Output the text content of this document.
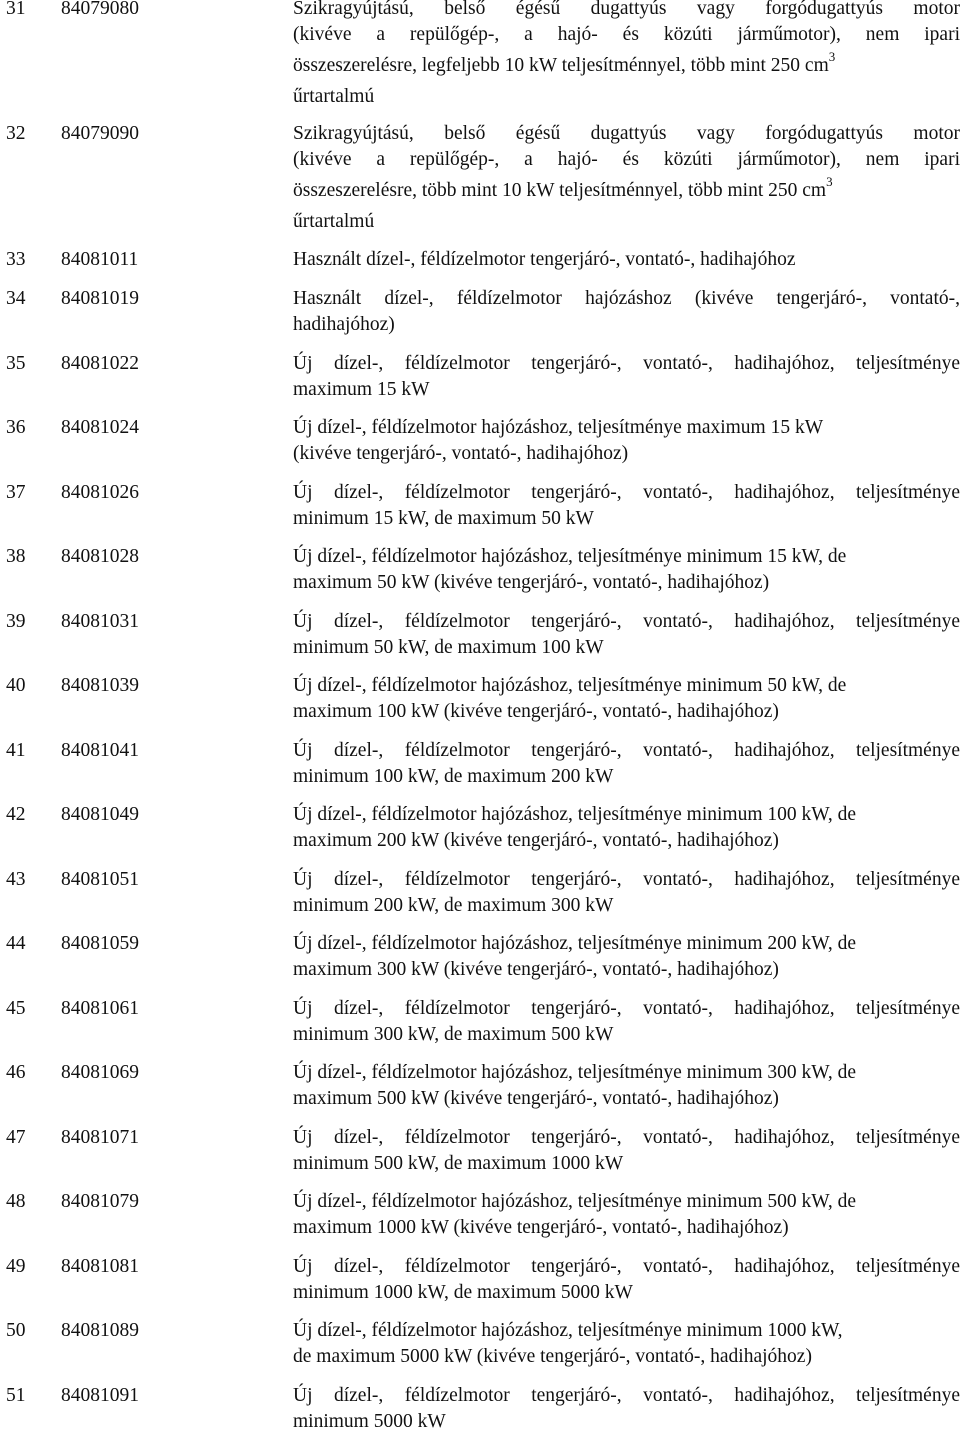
31	84079080	Szikragyújtású, belső égésű dugattyús vagy forgódugattyús motor
(kivéve a repülőgép-, a hajó- és közúti járműmotor), nem ipari
összeszerelésre, legfeljebb 10 kW teljesítménnyel, több mint 250 $cm^3$
űrtartalmú
32	84079090	Szikragyújtású, belső égésű dugattyús vagy forgódugattyús motor
(kivéve a repülőgép-, a hajó- és közúti járműmotor), nem ipari
összeszerelésre, több mint 10 kW teljesítménnyel, több mint 250 $cm^3$
űrtartalmú
33	84081011	Használt dízel-, féldízelmotor tengerjáró-, vontató-, hadihajóhoz
34	84081019	Használt dízel-, féldízelmotor hajózáshoz (kivéve tengerjáró-, vontató-,
hadihajóhoz)
35	84081022	Új dízel-, féldízelmotor tengerjáró-, vontató-, hadihajóhoz, teljesítménye
maximum 15 kW
36	84081024	Új dízel-, féldízelmotor hajózáshoz, teljesítménye maximum 15 kW
(kivéve tengerjáró-, vontató-, hadihajóhoz)
37	84081026	Új dízel-, féldízelmotor tengerjáró-, vontató-, hadihajóhoz, teljesítménye
minimum 15 kW, de maximum 50 kW
38	84081028	Új dízel-, féldízelmotor hajózáshoz, teljesítménye minimum 15 kW, de
maximum 50 kW (kivéve tengerjáró-, vontató-, hadihajóhoz)
39	84081031	Új dízel-, féldízelmotor tengerjáró-, vontató-, hadihajóhoz, teljesítménye
minimum 50 kW, de maximum 100 kW
40	84081039	Új dízel-, féldízelmotor hajózáshoz, teljesítménye minimum 50 kW, de
maximum 100 kW (kivéve tengerjáró-, vontató-, hadihajóhoz)
41	84081041	Új dízel-, féldízelmotor tengerjáró-, vontató-, hadihajóhoz, teljesítménye
minimum 100 kW, de maximum 200 kW
42	84081049	Új dízel-, féldízelmotor hajózáshoz, teljesítménye minimum 100 kW, de
maximum 200 kW (kivéve tengerjáró-, vontató-, hadihajóhoz)
43	84081051	Új dízel-, féldízelmotor tengerjáró-, vontató-, hadihajóhoz, teljesítménye
minimum 200 kW, de maximum 300 kW
44	84081059	Új dízel-, féldízelmotor hajózáshoz, teljesítménye minimum 200 kW, de
maximum 300 kW (kivéve tengerjáró-, vontató-, hadihajóhoz)
45	84081061	Új dízel-, féldízelmotor tengerjáró-, vontató-, hadihajóhoz, teljesítménye
minimum 300 kW, de maximum 500 kW
46	84081069	Új dízel-, féldízelmotor hajózáshoz, teljesítménye minimum 300 kW, de
maximum 500 kW (kivéve tengerjáró-, vontató-, hadihajóhoz)
47	84081071	Új dízel-, féldízelmotor tengerjáró-, vontató-, hadihajóhoz, teljesítménye
minimum 500 kW, de maximum 1000 kW
48	84081079	Új dízel-, féldízelmotor hajózáshoz, teljesítménye minimum 500 kW, de
maximum 1000 kW (kivéve tengerjáró-, vontató-, hadihajóhoz)
49	84081081	Új dízel-, féldízelmotor tengerjáró-, vontató-, hadihajóhoz, teljesítménye
minimum 1000 kW, de maximum 5000 kW
50	84081089	Új dízel-, féldízelmotor hajózáshoz, teljesítménye minimum 1000 kW,
de maximum 5000 kW (kivéve tengerjáró-, vontató-, hadihajóhoz)
51	84081091	Új dízel-, féldízelmotor tengerjáró-, vontató-, hadihajóhoz, teljesítménye
minimum 5000 kW
